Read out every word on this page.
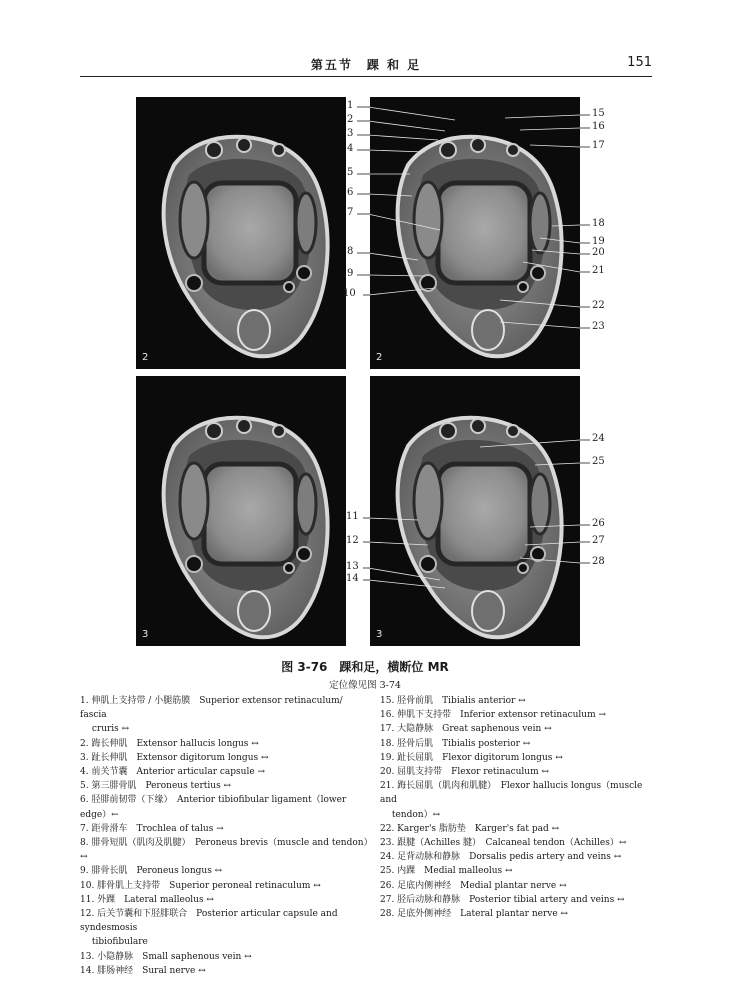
第五节　踝 和 足	151
2	2
3	3
1
2
3
4
5
6
7
8
9
10
15
16
17
18
19
20
21
22
23
11
12
13
14
24
25
26
27
28
图 3-76　 踝和足，横断位 MR
定位像见图 3-74
1. 伸肌上支持带 / 小腿筋膜　Superior extensor retinaculum/ fascia
　 cruris ↔
2. 踇长伸肌　Extensor hallucis longus ↔
3. 趾长伸肌　Extensor digitorum longus ↔
4. 前关节囊　Anterior articular capsule →
5. 第三腓骨肌　Peroneus tertius ↔
6. 胫腓前韧带（下缘）　Anterior tibiofibular ligament（lower edge）←
7. 距骨滑车　Trochlea of talus →
8. 腓骨短肌（肌肉及肌腱）　Peroneus brevis（muscle and tendon）↔
9. 腓骨长肌　Peroneus longus ↔
10. 腓骨肌上支持带　Superior peroneal retinaculum ↔
11. 外踝　Lateral malleolus ↔
12. 后关节囊和下胫腓联合　Posterior articular capsule and syndesmosis
　 tibiofibulare
13. 小隐静脉　Small saphenous vein ↔
14. 腓肠神经　Sural nerve ↔
15. 胫骨前肌　Tibialis anterior ↔
16. 伸肌下支持带　Inferior extensor retinaculum →
17. 大隐静脉　Great saphenous vein ↔
18. 胫骨后肌　Tibialis posterior ↔
19. 趾长屈肌　Flexor digitorum longus ↔
20. 屈肌支持带　Flexor retinaculum ↔
21. 踇长屈肌（肌肉和肌腱）　Flexor hallucis longus（muscle and
　 tendon）↔
22. Karger's 脂肪垫　Karger's fat pad ↔
23. 跟腱（Achilles 腱）　Calcaneal tendon（Achilles）↔
24. 足背动脉和静脉　Dorsalis pedis artery and veins ↔
25. 内踝　Medial malleolus ↔
26. 足底内侧神经　Medial plantar nerve ↔
27. 胫后动脉和静脉　Posterior tibial artery and veins ↔
28. 足底外侧神经　Lateral plantar nerve ↔
